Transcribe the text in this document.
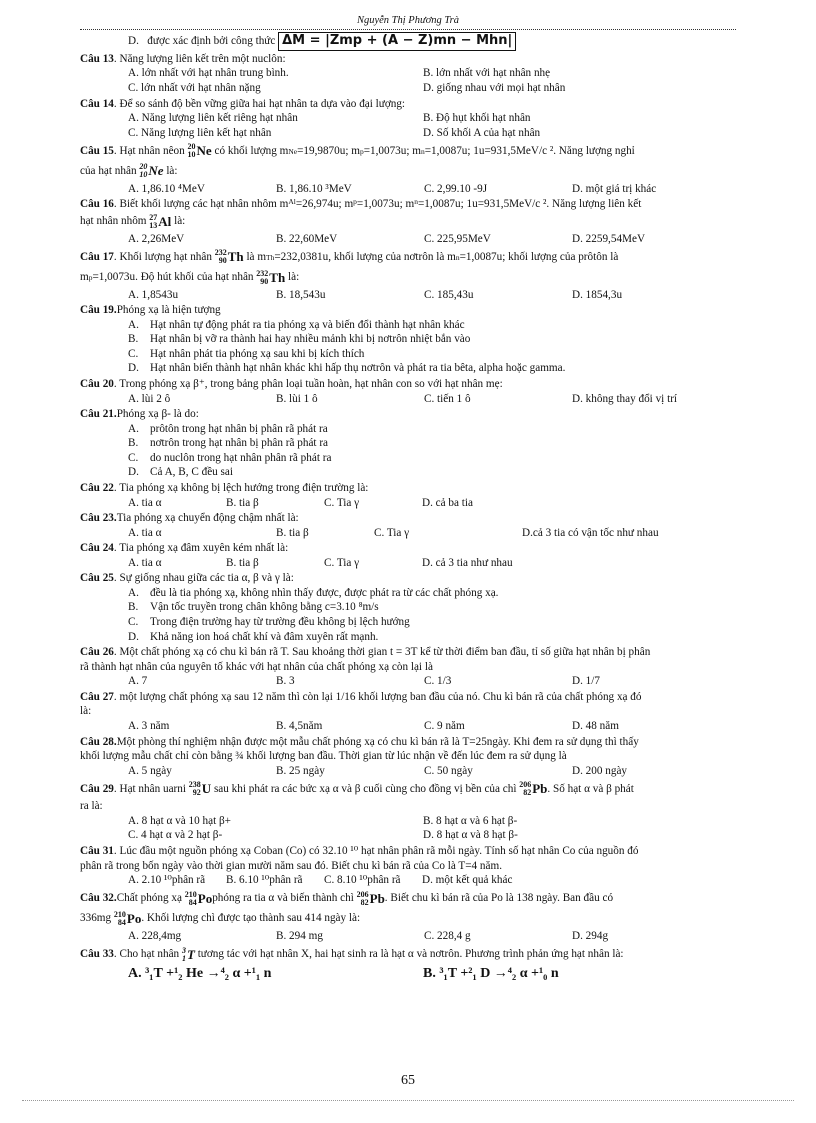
Nguyễn Thị Phương Trà
D.
được xác định bởi công thức
ΔM = |Zmp + (A − Z)mn − Mhn|
Câu 13 . Năng lượng liên kết trên một nuclôn:
A. lớn nhất với hạt nhân trung bình.	B. lớn nhất với hạt nhân nhẹ
C. lớn nhất với hạt nhân nặng	D. giống nhau với mọi hạt nhân
Câu 14 . Để so sánh độ bền vững giữa hai hạt nhân ta dựa vào đại lượng:
A. Năng lượng liên kết riêng hạt nhân	B. Độ hụt khối hạt nhân
C. Năng lượng liên kết hạt nhân	D. Số khối A của hạt nhân
Câu 15 . Hạt nhân nêon
20
10 Ne
có khối lượng m Ne =19,9870u; m p =1,0073u; m n =1,0087u; 1u=931,5MeV/c ². Năng lượng nghỉ
của hạt nhân
20
10 Ne
là:
A. 1,86.10 ⁴MeV	B. 1,86.10 ³MeV	C. 2,99.10 -9J	D. một giá trị khác
Câu 16 . Biết khối lượng các hạt nhân nhôm m Al =26,974u; m p =1,0073u; m n =1,0087u; 1u=931,5MeV/c ². Năng lượng liên kết
hạt nhân nhôm
27
13 Al
là:
A. 2,26MeV	B. 22,60MeV	C. 225,95MeV	D. 2259,54MeV
Câu 17 . Khối lượng hạt nhân
232
90 Th
là m Th =232,0381u, khối lượng của nơtrôn là m n =1,0087u; khối lượng của prôtôn là
m p =1,0073u. Độ hút khối của hạt nhân
232
90 Th
là:
A. 1,8543u	B. 18,543u	C. 185,43u	D. 1854,3u
Câu 19. Phóng xạ là hiện tượng
A. Hạt nhân tự động phát ra tia phóng xạ và biến đổi thành hạt nhân khác
B. Hạt nhân bị vỡ ra thành hai hay nhiều mảnh khi bị nơtrôn nhiệt bắn vào
C. Hạt nhân phát tia phóng xạ sau khi bị kích thích
D. Hạt nhân biến thành hạt nhân khác khi hấp thụ nơtrôn và phát ra tia bêta, alpha hoặc gamma.
Câu 20 . Trong phóng xạ β⁺, trong bảng phân loại tuần hoàn, hạt nhân con so với hạt nhân mẹ:
A. lùi 2 ô	B. lùi 1 ô	C. tiến 1 ô	D. không thay đổi vị trí
Câu 21. Phóng xạ β- là do:
A. prôtôn trong hạt nhân bị phân rã phát ra
B. nơtrôn trong hạt nhân bị phân rã phát ra
C. do nuclôn trong hạt nhân phân rã phát ra
D. Cả A, B, C đều sai
Câu 22 . Tia phóng xạ không bị lệch hướng trong điện trường là:
A. tia α	B. tia β	C. Tia γ	D. cả ba tia
Câu 23. Tia phóng xạ chuyển động chậm nhất là:
A. tia α	B. tia β	C. Tia γ	D.cả 3 tia có vận tốc như nhau
Câu 24 . Tia phóng xạ đâm xuyên kém nhất là:
A. tia α	B. tia β	C. Tia γ	D. cả 3 tia như nhau
Câu 25 . Sự giống nhau giữa các tia α, β và γ là:
A. đều là tia phóng xạ, không nhìn thấy được, được phát ra từ các chất phóng xạ.
B. Vận tốc truyền trong chân không bằng c=3.10 ⁸m/s
C. Trong điện trường hay từ trường đều không bị lệch hướng
D. Khả năng ion hoá chất khí và đâm xuyên rất mạnh.
Câu 26 . Một chất phóng xạ có chu kì bán rã T. Sau khoảng thời gian t = 3T kể từ thời điểm ban đầu, tỉ số giữa hạt nhân bị phân
rã thành hạt nhân của nguyên tố khác với hạt nhân của chất phóng xạ còn lại là
A. 7	B. 3	C. 1/3	D. 1/7
Câu 27 . một lượng chất phóng xạ sau 12 năm thì còn lại 1/16 khối lượng ban đầu của nó. Chu kì bán rã của chất phóng xạ đó
là:
A. 3 năm	B. 4,5năm	C. 9 năm	D. 48 năm
Câu 28. Một phòng thí nghiệm nhận được một mẫu chất phóng xạ có chu kì bán rã là T=25ngày. Khi đem ra sử dụng thì thấy
khối lượng mẫu chất chỉ còn bằng ¾ khối lượng ban đầu. Thời gian từ lúc nhận về đến lúc đem ra sử dụng là
A. 5 ngày	B. 25 ngày	C. 50 ngày	D. 200 ngày
Câu 29 . Hạt nhân uarni
238
92 U
sau khi phát ra các bức xạ α và β cuối cùng cho đồng vị bền của chì
206
82 Pb . Số hạt α và β phát
ra là:
A. 8 hạt α và 10 hạt β+	B. 8 hạt α và 6 hạt β-
C. 4 hạt α và 2 hạt β-	D. 8 hạt α và 8 hạt β-
Câu 31 . Lúc đầu một nguồn phóng xạ Coban (Co) có 32.10 ¹⁰ hạt nhân phân rã mỗi ngày. Tính số hạt nhân Co của nguồn đó
phân rã trong bốn ngày vào thời gian mười năm sau đó. Biết chu kì bán rã của Co là T=4 năm.
A. 2.10 ¹⁰phân rã	B. 6.10 ¹⁰phân rã	C. 8.10 ¹⁰phân rã	D. một kết quả khác
Câu 32. Chất phóng xạ
210
84 Po phóng ra tia α và biến thành chì
206
82 Pb . Biết chu kì bán rã của Po là 138 ngày. Ban đầu có
336mg
210
84 Po . Khối lượng chì được tạo thành sau 414 ngày là:
A. 228,4mg	B. 294 mg	C. 228,4 g	D. 294g
Câu 33 . Cho hạt nhân
3
1 T
tương tác với hạt nhân X, hai hạt sinh ra là hạt α và nơtrôn. Phương trình phản ứng hạt nhân là:
A. ³₁T +¹₂ He →⁴₂ α +¹₁ n	B. ³₁T +²₁ D →⁴₂ α +¹₀ n
65
